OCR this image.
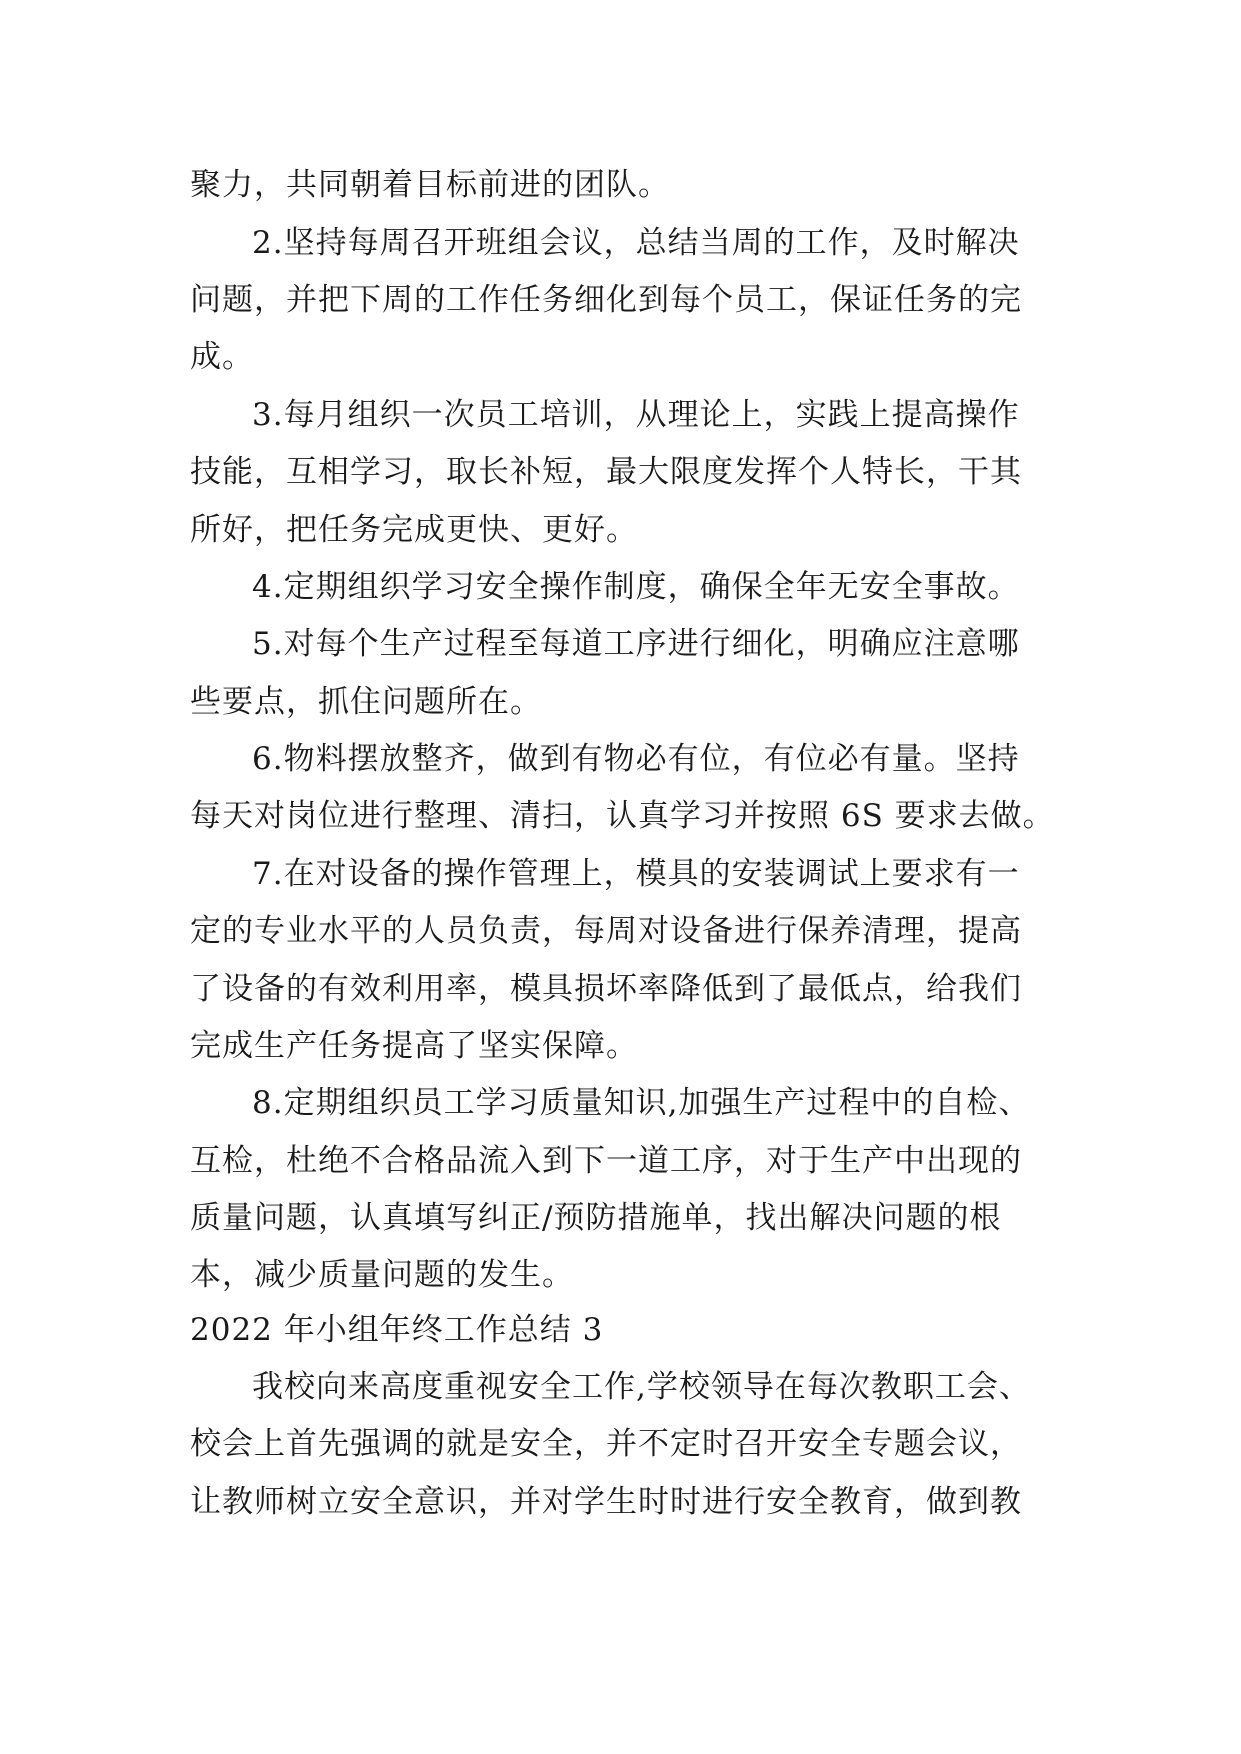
聚力，共同朝着目标前进的团队。
2.坚持每周召开班组会议，总结当周的工作，及时解决
问题，并把下周的工作任务细化到每个员工，保证任务的完
成。
3.每月组织一次员工培训，从理论上，实践上提高操作
技能，互相学习，取长补短，最大限度发挥个人特长，干其
所好，把任务完成更快、更好。
4.定期组织学习安全操作制度，确保全年无安全事故。
5.对每个生产过程至每道工序进行细化，明确应注意哪
些要点，抓住问题所在。
6.物料摆放整齐，做到有物必有位，有位必有量。坚持
每天对岗位进行整理、清扫，认真学习并按照 6S 要求去做。
7.在对设备的操作管理上，模具的安装调试上要求有一
定的专业水平的人员负责，每周对设备进行保养清理，提高
了设备的有效利用率，模具损坏率降低到了最低点，给我们
完成生产任务提高了坚实保障。
8.定期组织员工学习质量知识,加强生产过程中的自检、
互检，杜绝不合格品流入到下一道工序，对于生产中出现的
质量问题，认真填写纠正/预防措施单，找出解决问题的根
本，减少质量问题的发生。
2022 年小组年终工作总结 3
我校向来高度重视安全工作,学校领导在每次教职工会、
校会上首先强调的就是安全，并不定时召开安全专题会议，
让教师树立安全意识，并对学生时时进行安全教育，做到教
